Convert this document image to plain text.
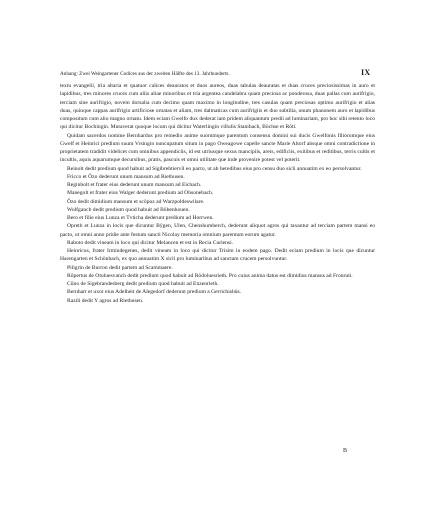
Anhang: Zwei Weingartener Codices aus der zweiten Hälfte des 13. Jahrhunderts.	IX

textu evangelii, tria altaria et quatuor calices deauratos et duos aureos, duas tabulas deauratas et duas cruces preciosissimas in auro et lapidibus, tres minores cruces cum aliis aliae minoribus et tria argentea candelabra quam preciosa ac ponderosa, duas pallas cum aurifrigio, terciam sine aurifrigio, novem dorsalia cum decimo quam maximo in longitudine, tres casulas quam preciosas optimo aurifrigio et alias duas, quinque cappas aurifrigio artificiose ornatas et aliam, tres dalmaticas cum aurifrigiis et duo subtilia, unum phanonem auro et lapidibus compositum cum alio magno ornatu. Idem eciam Gwelfo dux dederat iam pridem aliquantum predii ad luminariam, pro hoc sibi retento loco qui dicitur Bochingin. Mutaverat quoque locum qui dicitur Waterlingin villulis Stanibach, Böchse et Rôti.

Quidam sacerdos nomine Bernhardus pro remedio anime suorumque parentum consensu domini sui ducis Gwelfonis filiorumque eius Gwelf et Heinrici predium suum Vrsingin nuncupatum situm in pago Oweagowe capelle sancte Marie Altorf absque omni contradictione in proprietatem tradidit videlicet cum omnibus appendiciis, id est utriusque sexus mancipiis, areis, edificiis, exitibus et reditibus, terris cultis et incultis, aquis aquarumque decursibus, pratis, pascuis et omni utilitate que inde provenire potest vel poterit.

Reinolt dedit predium quod habuit ad Sigibrehtiervil eo pacto, ut ab heredibus eius pro censu duo sicli annuatim ex eo persolvantur.

Fricco et Ôzo dederunt unum mansum ad Riethusen.

Reginbolt et frater eius dederunt unum mansum ad Eichach.

Manegolt et frater eius Walger dederunt predium ad Ohsonebach.

Ôzo dedit dimidium mansum et scôpoz ad Warzpoldeswilare.

Wolfgancb dedit predium quod habuit ad Bôbenhouen.

Bero et filie eius Lunza et Tvticha dederunt predium ad Horrwen.

Opreth et Lunza in locis que dicuntur Bŷgen, Ulen, Chenshumberch, dederunt aliquot agros qui taxantur ad terciam partem mansi eo pacto, ut omni anno pridie ante festum sancti Nicolay memoria omnium parentum eorum agatur.

Raboto dedit vineam in loco qui dicitur Melancen et est in Recia Curiensi.

Heinricus, frater Irmindegenes, dedit vineam in loco qui dicitur Trisim in eodem pago. Dedit eciam predium in locis que dicuntur Harengarten et Schönbach, ex quo annuatim X sicli pro luminaribus ad sanctam crucem persolvuntur.

Piligrin de Burron dedit partem ad Scammaere.

Rôpertus de Otoluesvanch dedit predium quod habuit ad Rôdoluesrieth. Pro cuius anima datus est dimidius mansus ad Fronruti.

Cûno de Sigebrandesberg dedit predium quod habuit ad Enzenrieth.

Bernhart et uxor eius Adelheit de Alegedorf dederunt predium a Gerrichishûs.

Razili dedit Y agros ad Riethusen.

B
